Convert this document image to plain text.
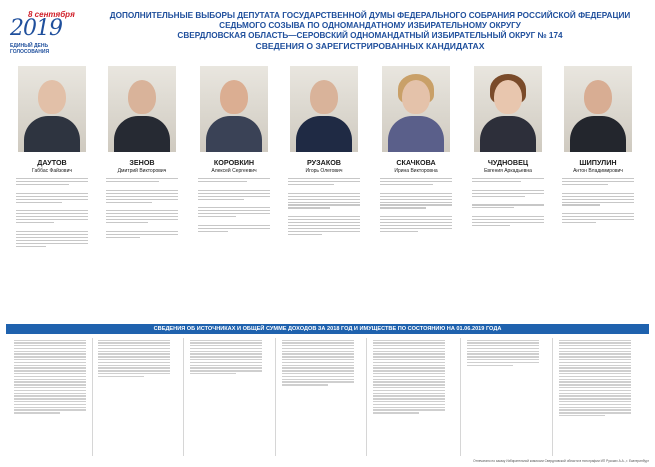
8 сентября
2019
ЕДИНЫЙ ДЕНЬ
ГОЛОСОВАНИЯ
ДОПОЛНИТЕЛЬНЫЕ ВЫБОРЫ ДЕПУТАТА ГОСУДАРСТВЕННОЙ ДУМЫ ФЕДЕРАЛЬНОГО СОБРАНИЯ РОССИЙСКОЙ ФЕДЕРАЦИИ
СЕДЬМОГО СОЗЫВА ПО ОДНОМАНДАТНОМУ ИЗБИРАТЕЛЬНОМУ ОКРУГУ
СВЕРДЛОВСКАЯ ОБЛАСТЬ—СЕРОВСКИЙ ОДНОМАНДАТНЫЙ ИЗБИРАТЕЛЬНЫЙ ОКРУГ № 174
СВЕДЕНИЯ О ЗАРЕГИСТРИРОВАННЫХ КАНДИДАТАХ
ДАУТОВ
Габбас Файзович
ЗЕНОВ
Дмитрий Викторович
КОРОВКИН
Алексей Сергеевич
РУЗАКОВ
Игорь Олегович
СКАЧКОВА
Ирина Викторовна
ЧУДНОВЕЦ
Евгения Аркадьевна
ШИПУЛИН
Антон Владимирович
СВЕДЕНИЯ ОБ ИСТОЧНИКАХ И ОБЩЕЙ СУММЕ ДОХОДОВ ЗА 2018 ГОД И ИМУЩЕСТВЕ ПО СОСТОЯНИЮ НА 01.06.2019 ГОДА
Отпечатано по заказу Избирательной комиссии Свердловской области в типографии ИП Русских А.А., г. Екатеринбург
